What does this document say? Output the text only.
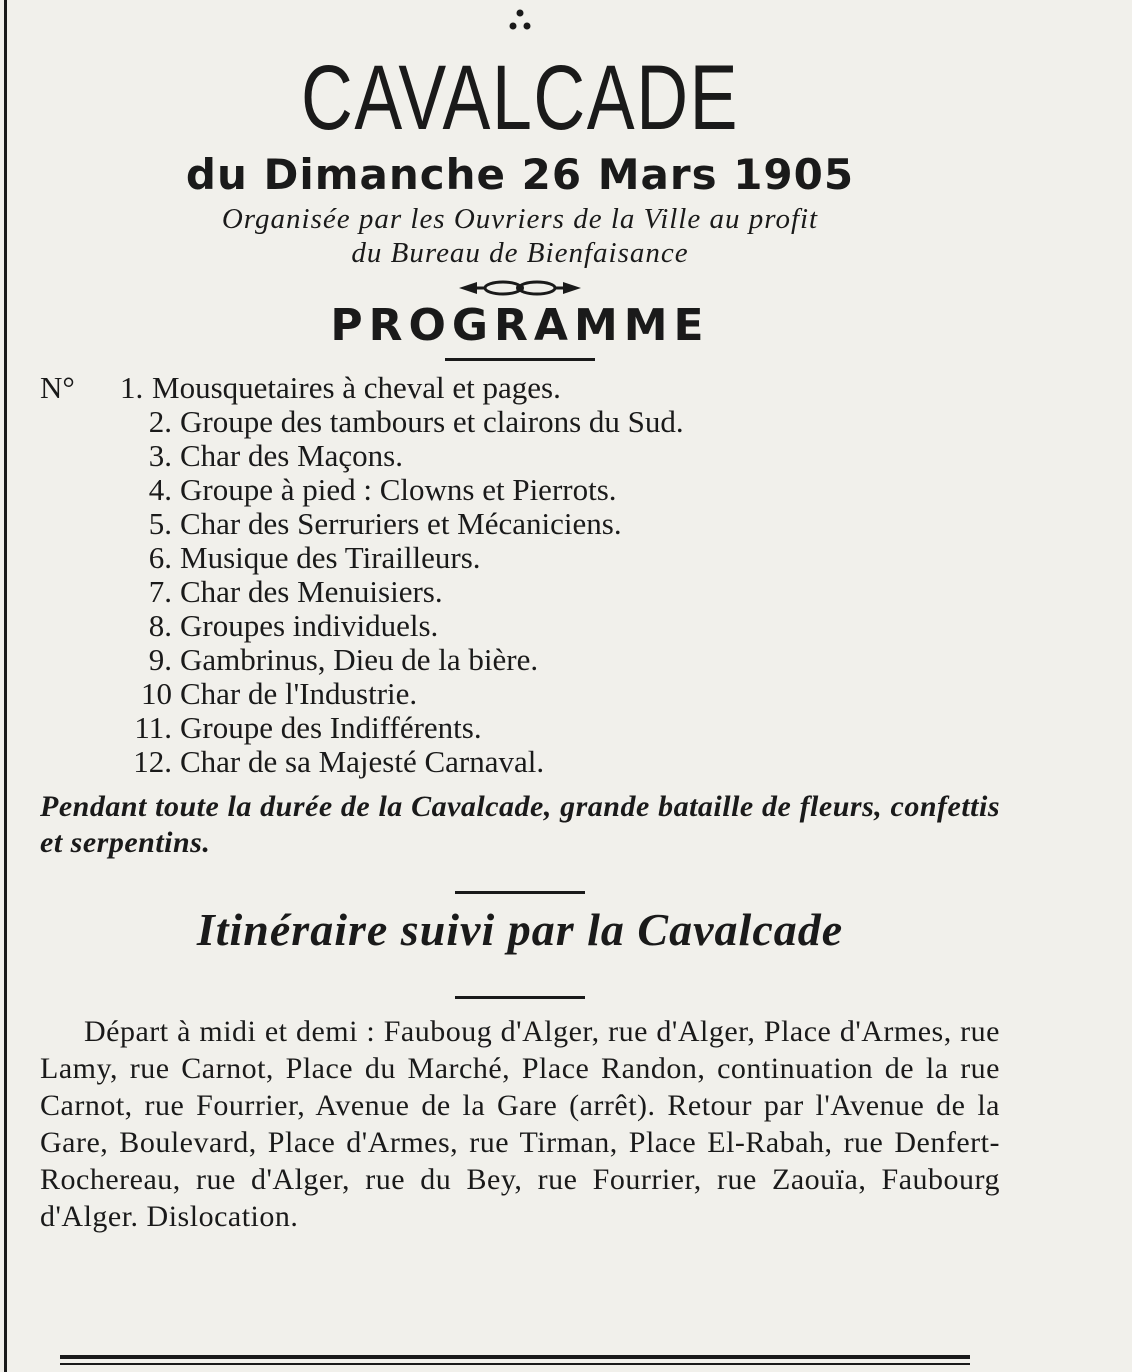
CAVALCADE
du Dimanche 26 Mars 1905
Organisée par les Ouvriers de la Ville au profit
du Bureau de Bienfaisance
PROGRAMME
N°	1. Mousquetaires à cheval et pages.
2. Groupe des tambours et clairons du Sud.
3. Char des Maçons.
4. Groupe à pied : Clowns et Pierrots.
5. Char des Serruriers et Mécaniciens.
6. Musique des Tirailleurs.
7. Char des Menuisiers.
8. Groupes individuels.
9. Gambrinus, Dieu de la bière.
10 Char de l'Industrie.
11. Groupe des Indifférents.
12. Char de sa Majesté Carnaval.

Pendant toute la durée de la Cavalcade, grande bataille de fleurs, confettis et serpentins.

Itinéraire suivi par la Cavalcade

Départ à midi et demi : Fauboug d'Alger, rue d'Alger, Place d'Armes, rue Lamy, rue Carnot, Place du Marché, Place Randon, continuation de la rue Carnot, rue Fourrier, Avenue de la Gare (arrêt). Retour par l'Avenue de la Gare, Boulevard, Place d'Armes, rue Tirman, Place El-Rabah, rue Denfert-Rochereau, rue d'Alger, rue du Bey, rue Fourrier, rue Zaouïa, Faubourg d'Alger. Dislocation.
